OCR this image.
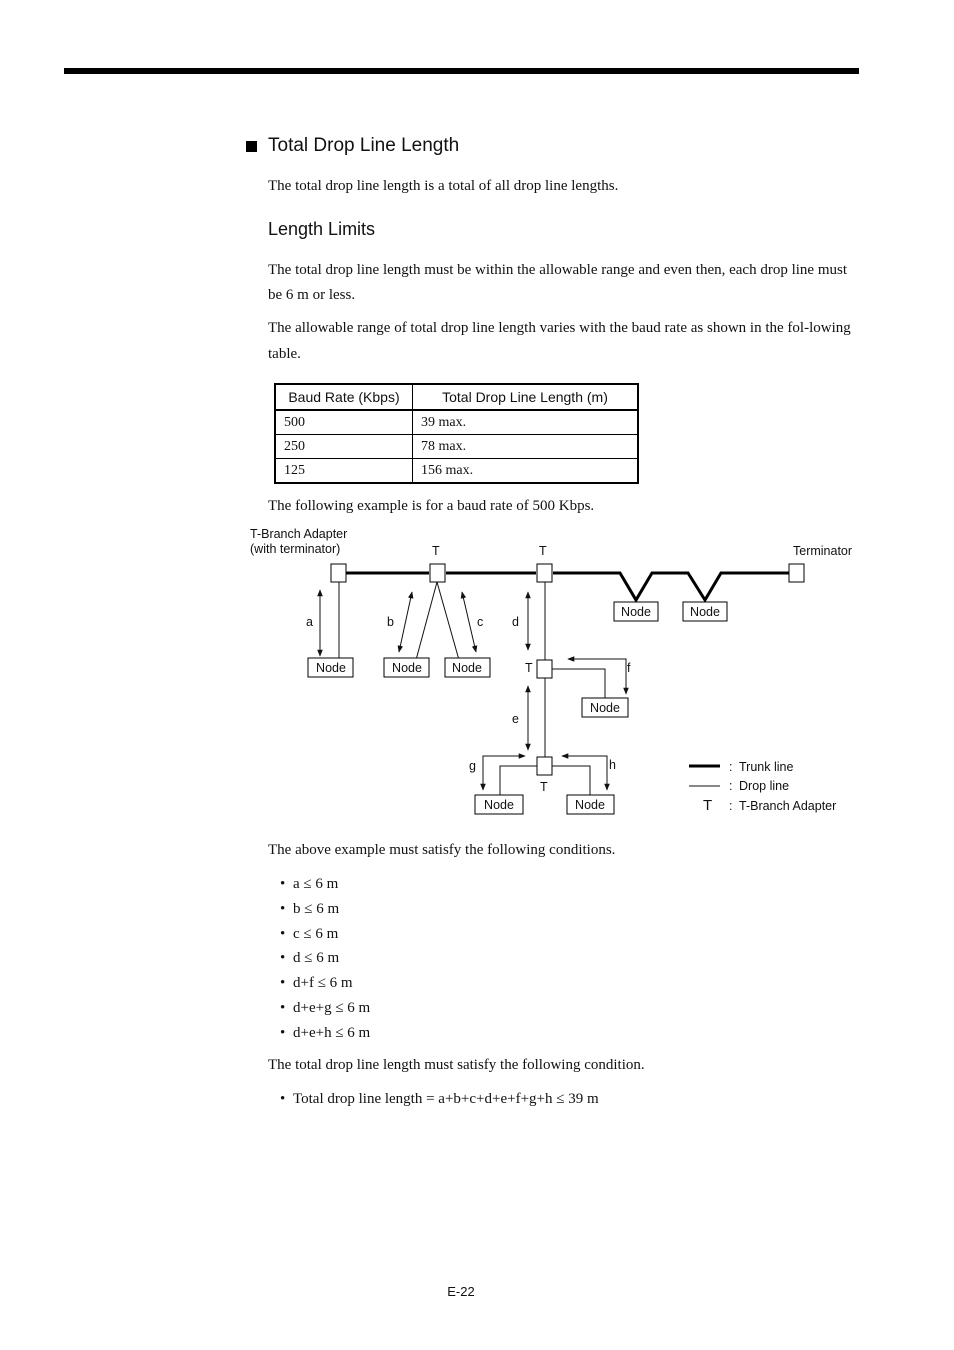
Total Drop Line Length
The total drop line length is a total of all drop line lengths.
Length Limits
The total drop line length must be within the allowable range and even then, each drop line must be 6 m or less.
The allowable range of total drop line length varies with the baud rate as shown in the fol-lowing table.
Baud Rate (Kbps)	Total Drop Line Length (m)
500	39 max.
250	78 max.
125	156 max.
The following example is for a baud rate of 500 Kbps.
Node	Node
Node	Node Node
Node
Node	Node
T-Branch Adapter
(with terminator)	Terminator
T	T
T
T
a	b	c d
e
f
g	h	:
:
:
T
Trunk line
Drop line
T-Branch Adapter
The above example must satisfy the following conditions.
• a ≤ 6 m
• b ≤ 6 m
• c ≤ 6 m
• d ≤ 6 m
• d+f ≤ 6 m
• d+e+g ≤ 6 m
• d+e+h ≤ 6 m
The total drop line length must satisfy the following condition.
• Total drop line length = a+b+c+d+e+f+g+h ≤ 39 m
E-22
